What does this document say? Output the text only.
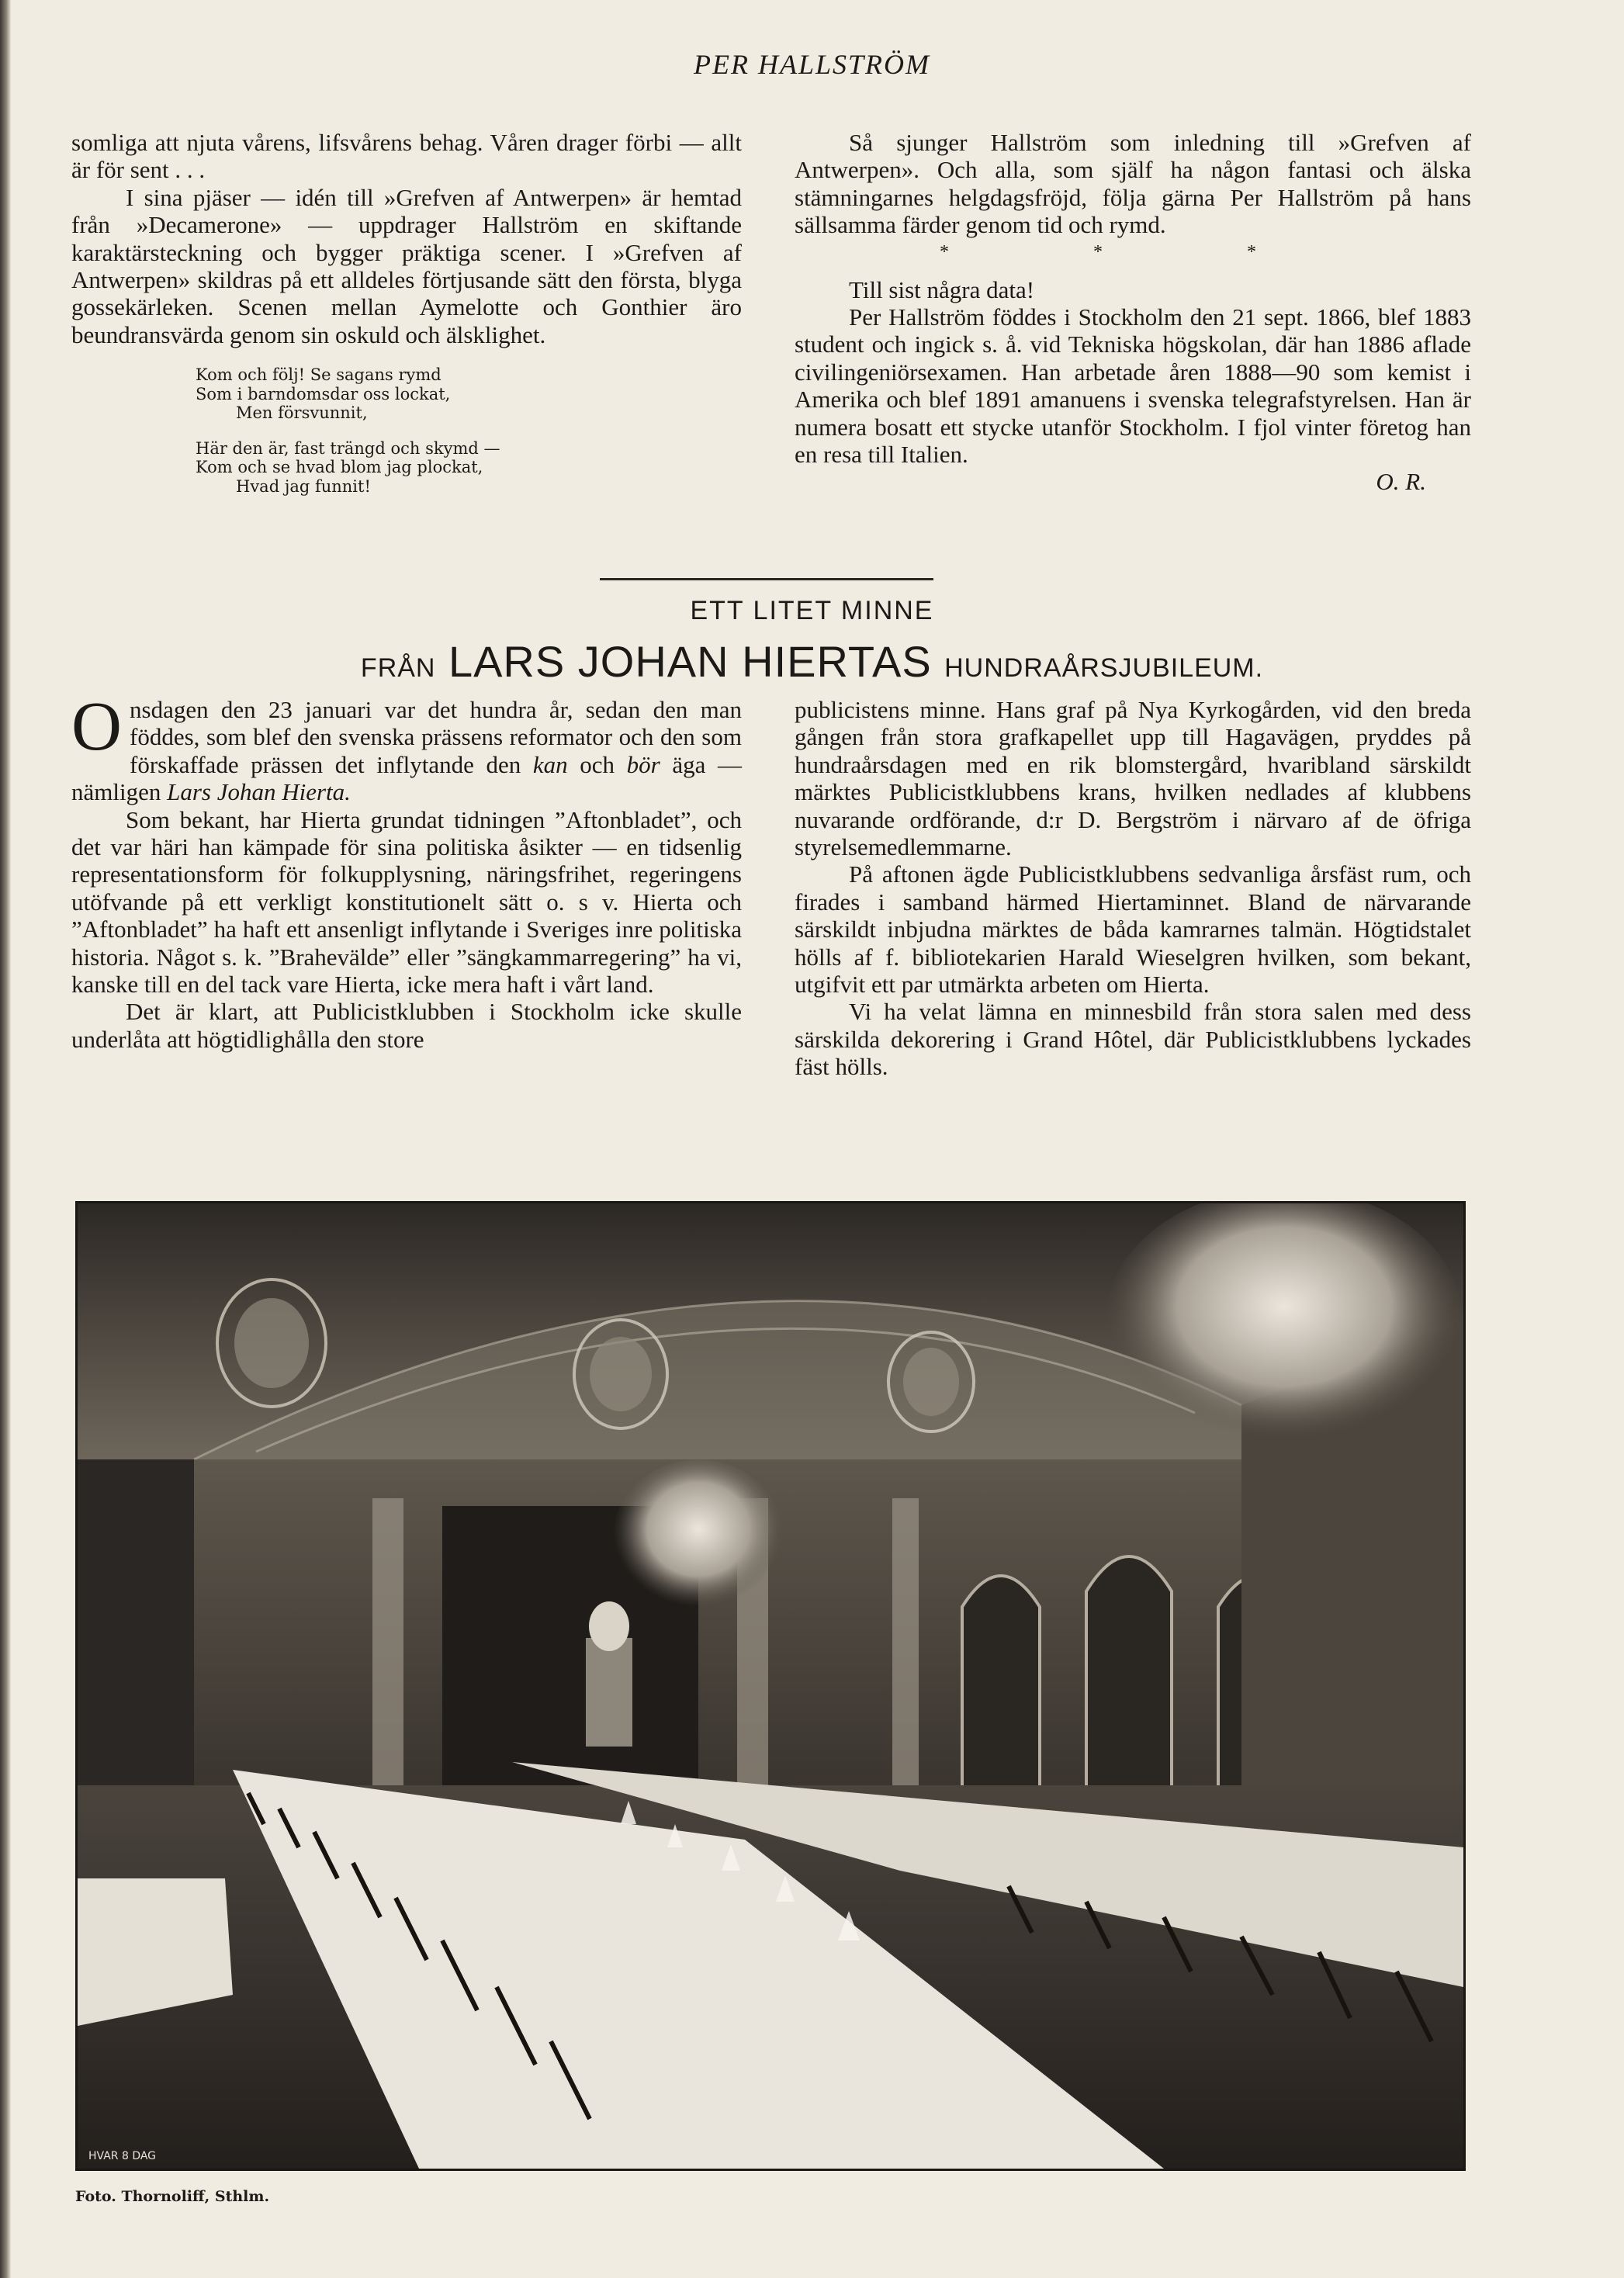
PER HALLSTRÖM

somliga att njuta vårens, lifsvårens behag. Våren drager förbi — allt är för sent . . .

I sina pjäser — idén till »Grefven af Antwerpen» är hemtad från »Decamerone» — uppdrager Hallström en skiftande karaktärsteckning och bygger präktiga scener. I »Grefven af Antwerpen» skildras på ett alldeles förtjusande sätt den första, blyga gossekärleken. Scenen mellan Aymelotte och Gonthier äro beundransvärda genom sin oskuld och älsklighet.

Kom och följ! Se sagans rymd
Som i barndomsdar oss lockat,
Men försvunnit,
Här den är, fast trängd och skymd —
Kom och se hvad blom jag plockat,
Hvad jag funnit!

Så sjunger Hallström som inledning till »Grefven af Antwerpen». Och alla, som själf ha någon fantasi och älska stämningarnes helgdagsfröjd, följa gärna Per Hallström på hans sällsamma färder genom tid och rymd.

* * *

Till sist några data!

Per Hallström föddes i Stockholm den 21 sept. 1866, blef 1883 student och ingick s. å. vid Tekniska högskolan, där han 1886 aflade civilingeniörsexamen. Han arbetade åren 1888—90 som kemist i Amerika och blef 1891 amanuens i svenska telegrafstyrelsen. Han är numera bosatt ett stycke utanför Stockholm. I fjol vinter företog han en resa till Italien.

O. R.

ETT LITET MINNE
FRÅN LARS JOHAN HIERTAS HUNDRAÅRSJUBILEUM.

Onsdagen den 23 januari var det hundra år, sedan den man föddes, som blef den svenska prässens reformator och den som förskaffade prässen det inflytande den kan och bör äga — nämligen Lars Johan Hierta.

Som bekant, har Hierta grundat tidningen ”Aftonbladet”, och det var häri han kämpade för sina politiska åsikter — en tidsenlig representationsform för folkupplysning, näringsfrihet, regeringens utöfvande på ett verkligt konstitutionelt sätt o. s v. Hierta och ”Aftonbladet” ha haft ett ansenligt inflytande i Sveriges inre politiska historia. Något s. k. ”Brahevälde” eller ”sängkammarregering” ha vi, kanske till en del tack vare Hierta, icke mera haft i vårt land.

Det är klart, att Publicistklubben i Stockholm icke skulle underlåta att högtidlighålla den store

publicistens minne. Hans graf på Nya Kyrkogården, vid den breda gången från stora grafkapellet upp till Hagavägen, pryddes på hundraårsdagen med en rik blomstergård, hvaribland särskildt märktes Publicistklubbens krans, hvilken nedlades af klubbens nuvarande ordförande, d:r D. Bergström i närvaro af de öfriga styrelsemedlemmarne.

På aftonen ägde Publicistklubbens sedvanliga årsfäst rum, och firades i samband härmed Hiertaminnet. Bland de närvarande särskildt inbjudna märktes de båda kamrarnes talmän. Högtidstalet hölls af f. bibliotekarien Harald Wieselgren hvilken, som bekant, utgifvit ett par utmärkta arbeten om Hierta.

Vi ha velat lämna en minnesbild från stora salen med dess särskilda dekorering i Grand Hôtel, där Publicistklubbens lyckades fäst hölls.

HVAR 8 DAG
Foto. Thornoliff, Sthlm.
